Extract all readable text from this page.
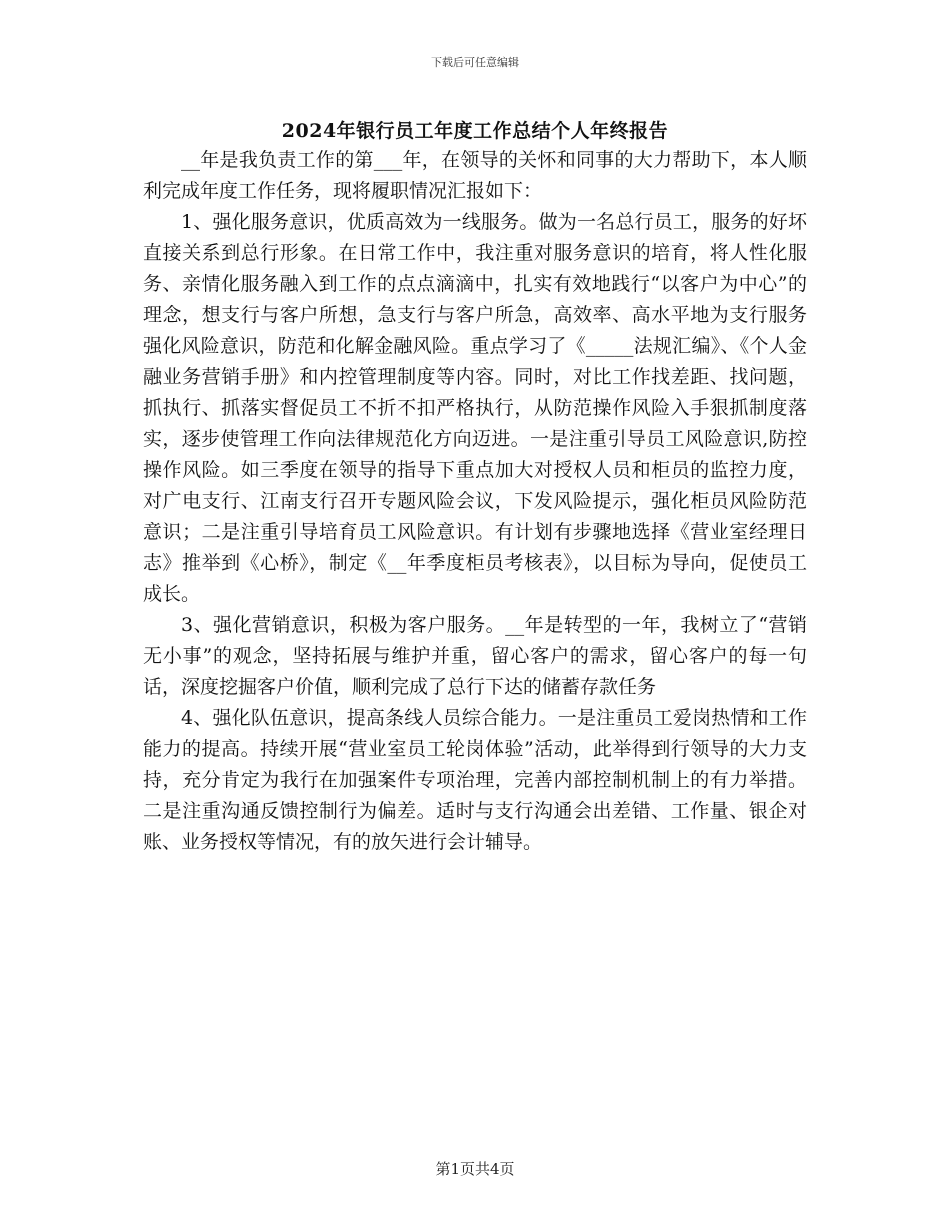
下载后可任意编辑
2024年银行员工年度工作总结个人年终报告

__年是我负责工作的第___年，在领导的关怀和同事的大力帮助下，本人顺利完成年度工作任务，现将履职情况汇报如下：

1、强化服务意识，优质高效为一线服务。做为一名总行员工，服务的好坏直接关系到总行形象。在日常工作中，我注重对服务意识的培育，将人性化服务、亲情化服务融入到工作的点点滴滴中，扎实有效地践行“以客户为中心”的理念，想支行与客户所想，急支行与客户所急，高效率、高水平地为支行服务强化风险意识，防范和化解金融风险。重点学习了《_____法规汇编》、《个人金融业务营销手册》和内控管理制度等内容。同时，对比工作找差距、找问题，抓执行、抓落实督促员工不折不扣严格执行，从防范操作风险入手狠抓制度落实，逐步使管理工作向法律规范化方向迈进。一是注重引导员工风险意识,防控操作风险。如三季度在领导的指导下重点加大对授权人员和柜员的监控力度，对广电支行、江南支行召开专题风险会议，下发风险提示，强化柜员风险防范意识；二是注重引导培育员工风险意识。有计划有步骤地选择《营业室经理日志》推举到《心桥》，制定《__年季度柜员考核表》，以目标为导向，促使员工成长。

3、强化营销意识，积极为客户服务。__年是转型的一年，我树立了“营销无小事”的观念，坚持拓展与维护并重，留心客户的需求，留心客户的每一句话，深度挖掘客户价值，顺利完成了总行下达的储蓄存款任务

4、强化队伍意识，提高条线人员综合能力。一是注重员工爱岗热情和工作能力的提高。持续开展“营业室员工轮岗体验”活动，此举得到行领导的大力支持，充分肯定为我行在加强案件专项治理，完善内部控制机制上的有力举措。二是注重沟通反馈控制行为偏差。适时与支行沟通会出差错、工作量、银企对账、业务授权等情况，有的放矢进行会计辅导。

第1页共4页
